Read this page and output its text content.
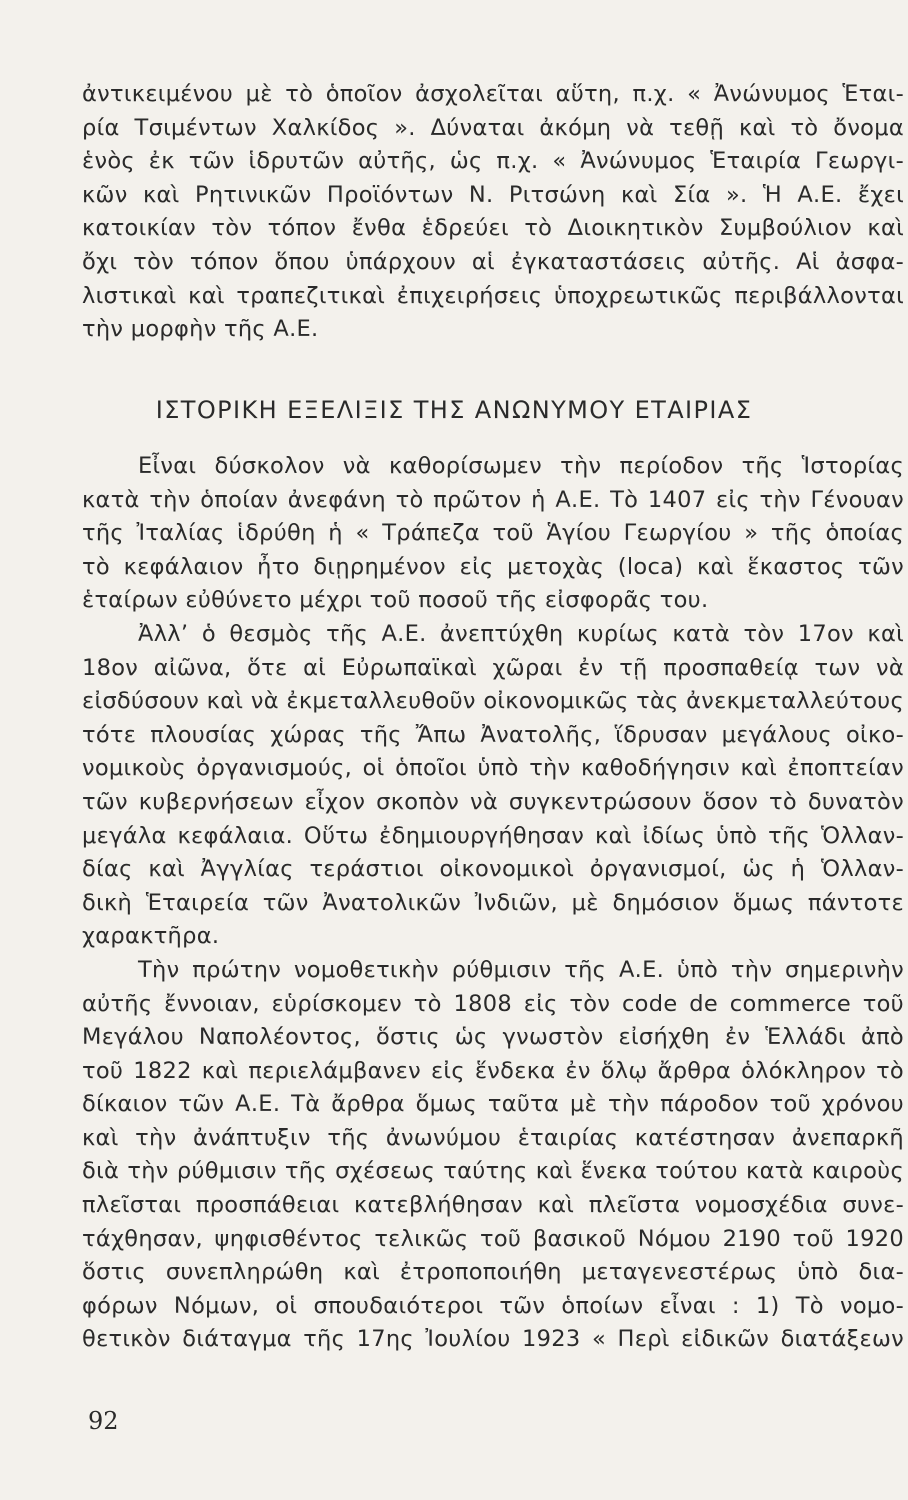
ἀντικειμένου μὲ τὸ ὁποῖον ἀσχολεῖται αὕτη, π.χ. « Ἀνώνυμος Ἑται-
ρία Τσιμέντων Χαλκίδος ». Δύναται ἀκόμη νὰ τεθῇ καὶ τὸ ὄνομα
ἑνὸς ἐκ τῶν ἱδρυτῶν αὐτῆς, ὡς π.χ. « Ἀνώνυμος Ἑταιρία Γεωργι-
κῶν καὶ Ρητινικῶν Προϊόντων Ν. Ριτσώνη καὶ Σία ». Ἡ Α.Ε. ἔχει
κατοικίαν τὸν τόπον ἔνθα ἑδρεύει τὸ Διοικητικὸν Συμβούλιον καὶ
ὄχι τὸν τόπον ὅπου ὑπάρχουν αἱ ἐγκαταστάσεις αὐτῆς. Αἱ ἀσφα-
λιστικαὶ καὶ τραπεζιτικαὶ ἐπιχειρήσεις ὑποχρεωτικῶς περιβάλλονται
τὴν μορφὴν τῆς Α.Ε.
ΙΣΤΟΡΙΚΗ ΕΞΕΛΙΞΙΣ ΤΗΣ ΑΝΩΝΥΜΟΥ ΕΤΑΙΡΙΑΣ
Εἶναι δύσκολον νὰ καθορίσωμεν τὴν περίοδον τῆς Ἱστορίας
κατὰ τὴν ὁποίαν ἀνεφάνη τὸ πρῶτον ἡ Α.Ε. Τὸ 1407 εἰς τὴν Γένουαν
τῆς Ἰταλίας ἱδρύθη ἡ « Τράπεζα τοῦ Ἁγίου Γεωργίου » τῆς ὁποίας
τὸ κεφάλαιον ἦτο διῃρημένον εἰς μετοχὰς (loca) καὶ ἕκαστος τῶν
ἑταίρων εὐθύνετο μέχρι τοῦ ποσοῦ τῆς εἰσφορᾶς του.
Ἀλλ’ ὁ θεσμὸς τῆς Α.Ε. ἀνεπτύχθη κυρίως κατὰ τὸν 17ον καὶ
18ον αἰῶνα, ὅτε αἱ Εὐρωπαϊκαὶ χῶραι ἐν τῇ προσπαθείᾳ των νὰ
εἰσδύσουν καὶ νὰ ἐκμεταλλευθοῦν οἰκονομικῶς τὰς ἀνεκμεταλλεύτους
τότε πλουσίας χώρας τῆς Ἄπω Ἀνατολῆς, ἵδρυσαν μεγάλους οἰκο-
νομικοὺς ὀργανισμούς, οἱ ὁποῖοι ὑπὸ τὴν καθοδήγησιν καὶ ἐποπτείαν
τῶν κυβερνήσεων εἶχον σκοπὸν νὰ συγκεντρώσουν ὅσον τὸ δυνατὸν
μεγάλα κεφάλαια. Οὕτω ἐδημιουργήθησαν καὶ ἰδίως ὑπὸ τῆς Ὁλλαν-
δίας καὶ Ἀγγλίας τεράστιοι οἰκονομικοὶ ὀργανισμοί, ὡς ἡ Ὁλλαν-
δικὴ Ἑταιρεία τῶν Ἀνατολικῶν Ἰνδιῶν, μὲ δημόσιον ὅμως πάντοτε
χαρακτῆρα.
Τὴν πρώτην νομοθετικὴν ρύθμισιν τῆς Α.Ε. ὑπὸ τὴν σημερινὴν
αὐτῆς ἔννοιαν, εὑρίσκομεν τὸ 1808 εἰς τὸν code de commerce τοῦ
Μεγάλου Ναπολέοντος, ὅστις ὡς γνωστὸν εἰσήχθη ἐν Ἑλλάδι ἀπὸ
τοῦ 1822 καὶ περιελάμβανεν εἰς ἕνδεκα ἐν ὅλῳ ἄρθρα ὁλόκληρον τὸ
δίκαιον τῶν Α.Ε. Τὰ ἄρθρα ὅμως ταῦτα μὲ τὴν πάροδον τοῦ χρόνου
καὶ τὴν ἀνάπτυξιν τῆς ἀνωνύμου ἑταιρίας κατέστησαν ἀνεπαρκῆ
διὰ τὴν ρύθμισιν τῆς σχέσεως ταύτης καὶ ἕνεκα τούτου κατὰ καιροὺς
πλεῖσται προσπάθειαι κατεβλήθησαν καὶ πλεῖστα νομοσχέδια συνε-
τάχθησαν, ψηφισθέντος τελικῶς τοῦ βασικοῦ Νόμου 2190 τοῦ 1920
ὅστις συνεπληρώθη καὶ ἐτροποποιήθη μεταγενεστέρως ὑπὸ δια-
φόρων Νόμων, οἱ σπουδαιότεροι τῶν ὁποίων εἶναι : 1) Τὸ νομο-
θετικὸν διάταγμα τῆς 17ης Ἰουλίου 1923 « Περὶ εἰδικῶν διατάξεων
92
